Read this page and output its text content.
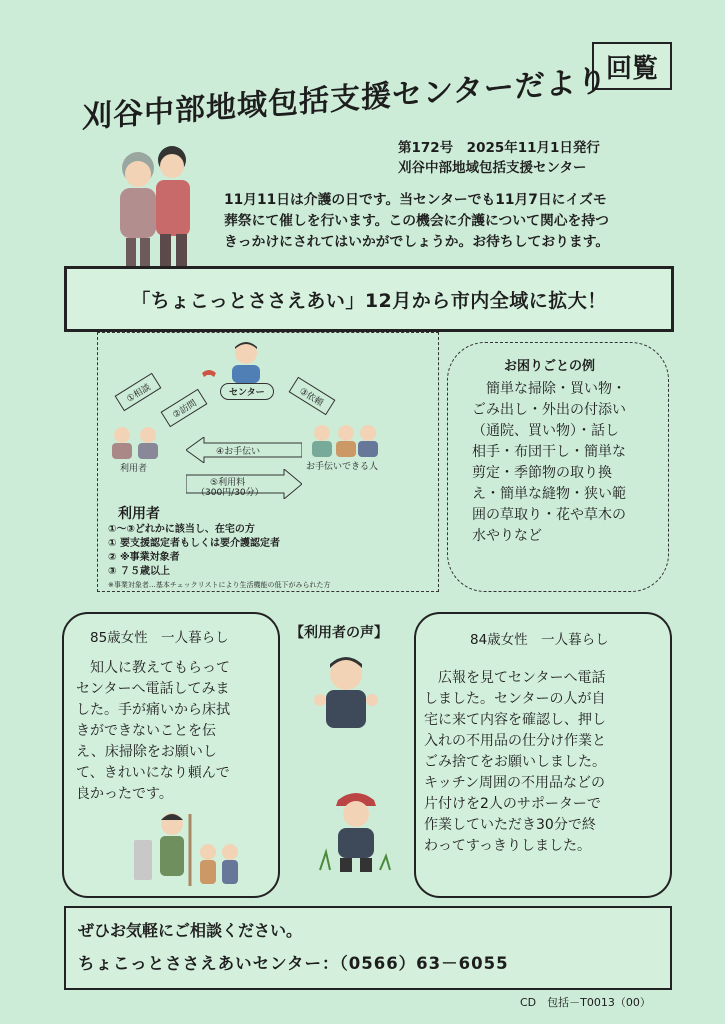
回覧
刈谷中部地域包括支援センターだより
第172号　2025年11月1日発行
刈谷中部地域包括支援センター
11月11日は介護の日です。当センターでも11月7日にイズモ
葬祭にて催しを行います。この機会に介護について関心を持つ
きっかけにされてはいかがでしょうか。お待ちしております。
「ちょこっとささえあい」12月から市内全域に拡大！
センター
①相談
②訪問
③依頼
利用者	お手伝いできる人
④お手伝い
⑤利用料
（300円/30分）
利用者
①～③どれかに該当し、在宅の方
① 要支援認定者もしくは要介護認定者
② ※事業対象者
③ ７５歳以上
※事業対象者…基本チェックリストにより生活機能の低下がみられた方
お困りごとの例
　簡単な掃除・買い物・
ごみ出し・外出の付添い
（通院、買い物）・話し
相手・布団干し・簡単な
剪定・季節物の取り換
え・簡単な縫物・狭い範
囲の草取り・花や草木の
水やりなど
85歳女性　一人暮らし
　知人に教えてもらって
センターへ電話してみま
した。手が痛いから床拭
きができないことを伝
え、床掃除をお願いし
て、きれいになり頼んで
良かったです。
【利用者の声】	84歳女性　一人暮らし
　広報を見てセンターへ電話
しました。センターの人が自
宅に来て内容を確認し、押し
入れの不用品の仕分け作業と
ごみ捨てをお願いしました。
キッチン周囲の不用品などの
片付けを2人のサポーターで
作業していただき30分で終
わってすっきりしました。
ぜひお気軽にご相談ください。
ちょこっとささえあいセンター：（0566）63－6055
CD　包括－T0013（00）
